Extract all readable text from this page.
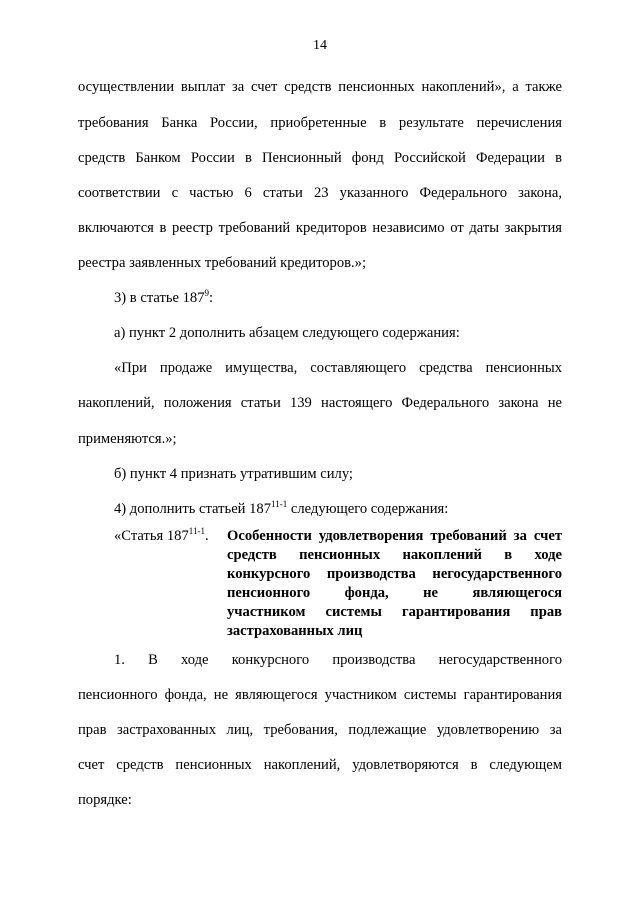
14
осуществлении выплат за счет средств пенсионных накоплений», а также
требования Банка России, приобретенные в результате перечисления
средств Банком России в Пенсионный фонд Российской Федерации в
соответствии с частью 6 статьи 23 указанного Федерального закона,
включаются в реестр требований кредиторов независимо от даты закрытия
реестра заявленных требований кредиторов.»;
3) в статье $187^9$:
а) пункт 2 дополнить абзацем следующего содержания:
«При продаже имущества, составляющего средства пенсионных
накоплений, положения статьи 139 настоящего Федерального закона не
применяются.»;
б) пункт 4 признать утратившим силу;
4) дополнить статьей 187$^{11-1}$ следующего содержания:
«Статья 187$^{11-1}$. Особенности удовлетворения требований за счет
средств пенсионных накоплений в ходе
конкурсного производства негосударственного
пенсионного фонда, не являющегося
участником системы гарантирования прав
застрахованных лиц
1. В ходе конкурсного производства негосударственного
пенсионного фонда, не являющегося участником системы гарантирования
прав застрахованных лиц, требования, подлежащие удовлетворению за
счет средств пенсионных накоплений, удовлетворяются в следующем
порядке:
